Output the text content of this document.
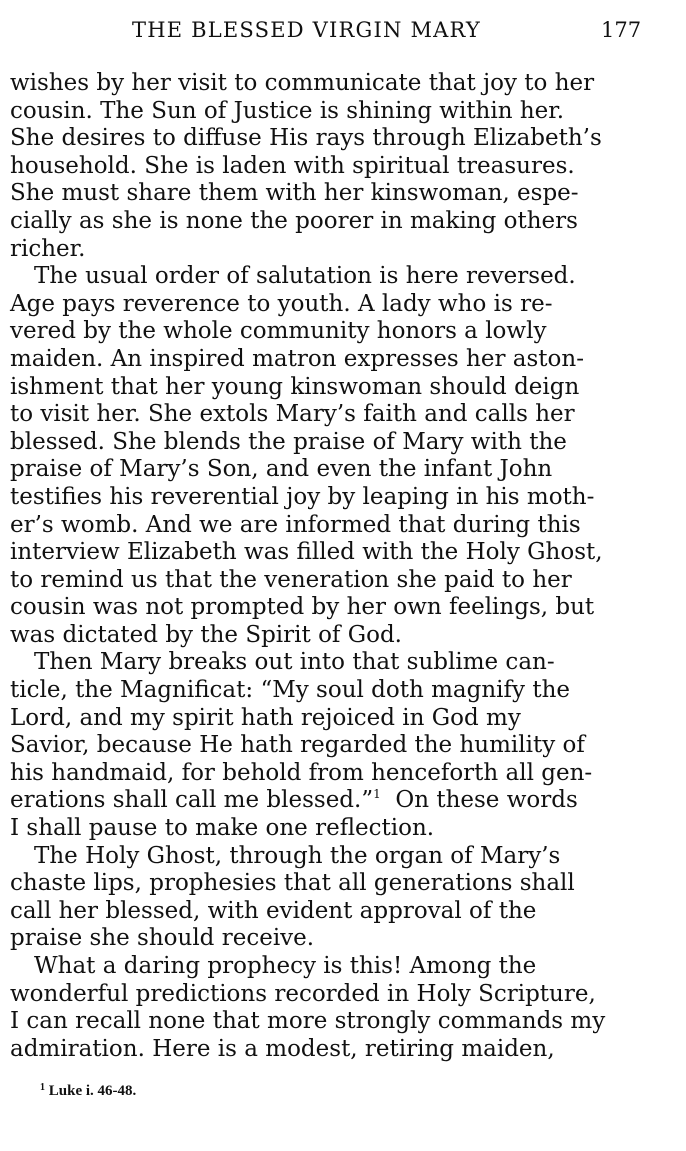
THE BLESSED VIRGIN MARY	177
wishes by her visit to communicate that joy to her
cousin. The Sun of Justice is shining within her.
She desires to diffuse His rays through Elizabeth’s
household. She is laden with spiritual treasures.
She must share them with her kinswoman, espe-
cially as she is none the poorer in making others
richer.
The usual order of salutation is here reversed.
Age pays reverence to youth. A lady who is re-
vered by the whole community honors a lowly
maiden. An inspired matron expresses her aston-
ishment that her young kinswoman should deign
to visit her. She extols Mary’s faith and calls her
blessed. She blends the praise of Mary with the
praise of Mary’s Son, and even the infant John
testifies his reverential joy by leaping in his moth-
er’s womb. And we are informed that during this
interview Elizabeth was filled with the Holy Ghost,
to remind us that the veneration she paid to her
cousin was not prompted by her own feelings, but
was dictated by the Spirit of God.
Then Mary breaks out into that sublime can-
ticle, the Magnificat: “My soul doth magnify the
Lord, and my spirit hath rejoiced in God my
Savior, because He hath regarded the humility of
his handmaid, for behold from henceforth all gen-
erations shall call me blessed.”$^1$  On these words
I shall pause to make one reflection.
The Holy Ghost, through the organ of Mary’s
chaste lips, prophesies that all generations shall
call her blessed, with evident approval of the
praise she should receive.
What a daring prophecy is this! Among the
wonderful predictions recorded in Holy Scripture,
I can recall none that more strongly commands my
admiration. Here is a modest, retiring maiden,
$^1$ Luke i. 46-48.
